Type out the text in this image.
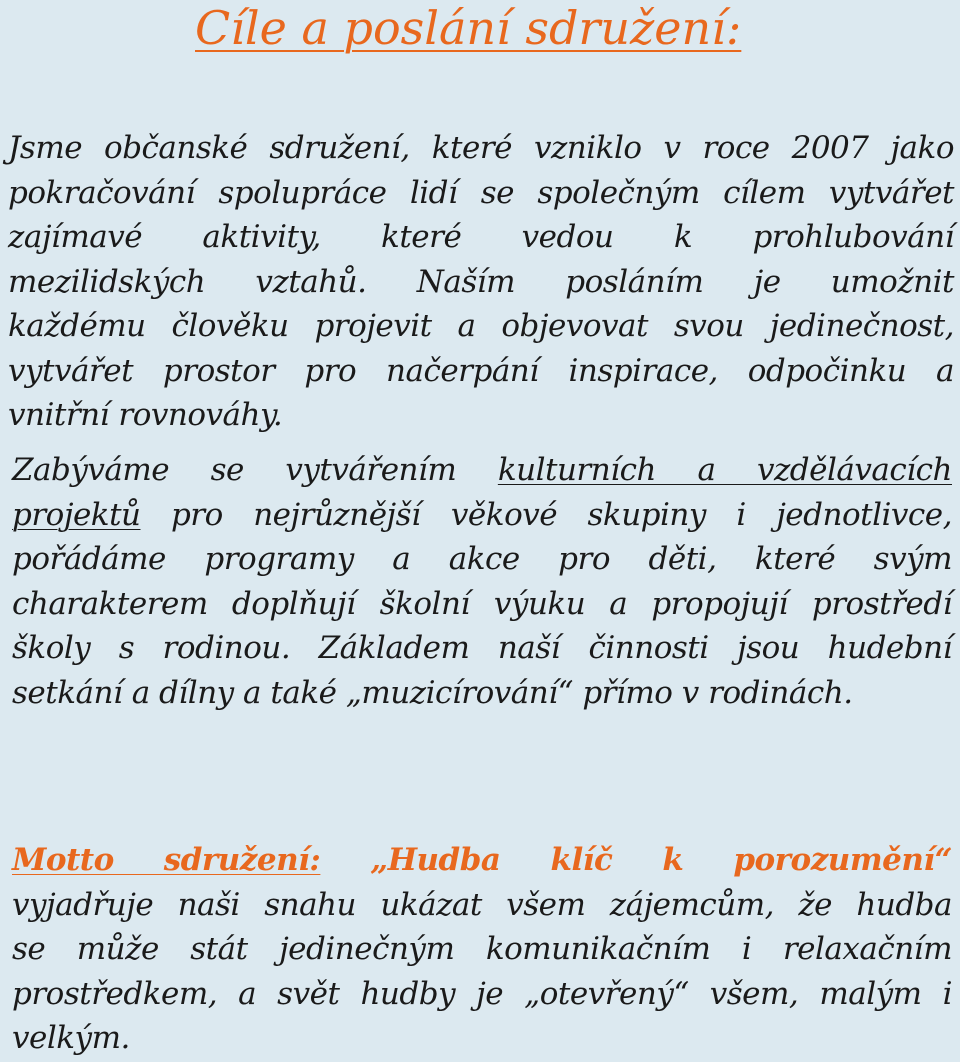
Cíle a poslání sdružení:
Jsme občanské sdružení, které vzniklo v roce 2007 jako
pokračování spolupráce lidí se společným cílem vytvářet
zajímavé aktivity, které vedou k prohlubování
mezilidských vztahů. Naším posláním je umožnit
každému člověku projevit a objevovat svou jedinečnost,
vytvářet prostor pro načerpání inspirace, odpočinku a
vnitřní rovnováhy.
Zabýváme se vytvářením kulturních a vzdělávacích
projektů pro nejrůznější věkové skupiny i jednotlivce,
pořádáme programy a akce pro děti, které svým
charakterem doplňují školní výuku a propojují prostředí
školy s rodinou. Základem naší činnosti jsou hudební
setkání a dílny a také „muzicírování“ přímo v rodinách.
Motto sdružení: „Hudba klíč k porozumění“
vyjadřuje naši snahu ukázat všem zájemcům, že hudba
se může stát jedinečným komunikačním i relaxačním
prostředkem, a svět hudby je „otevřený“ všem, malým i
velkým.
